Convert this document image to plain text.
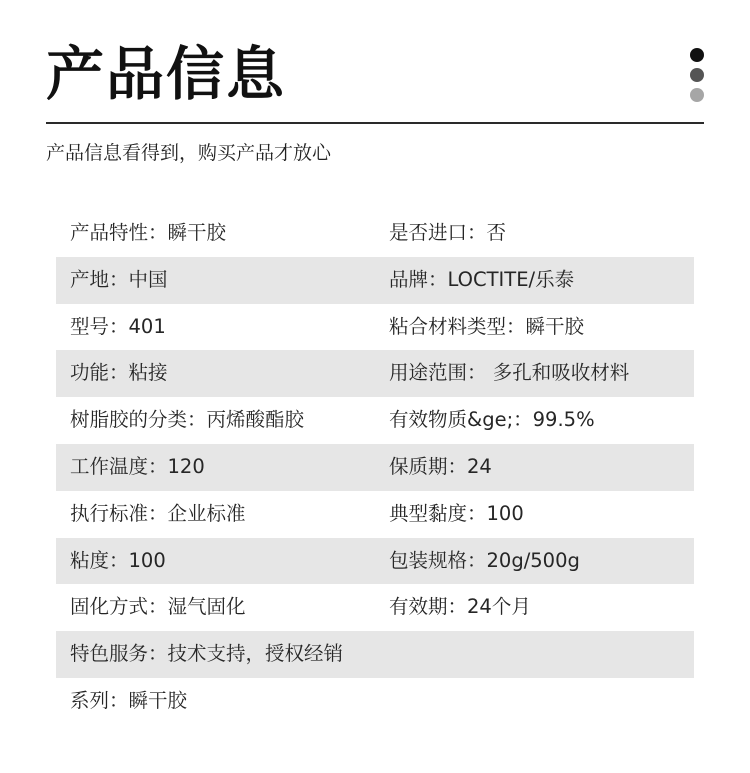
产品信息
产品信息看得到，购买产品才放心
产品特性：瞬干胶	是否进口：否
产地：中国	品牌：LOCTITE/乐泰
型号：401	粘合材料类型：瞬干胶
功能：粘接	用途范围： 多孔和吸收材料
树脂胶的分类：丙烯酸酯胶	有效物质&ge;：99.5%
工作温度：120	保质期：24
执行标准：企业标准	典型黏度：100
粘度：100	包装规格：20g/500g
固化方式：湿气固化	有效期：24个月
特色服务：技术支持，授权经销
系列：瞬干胶
